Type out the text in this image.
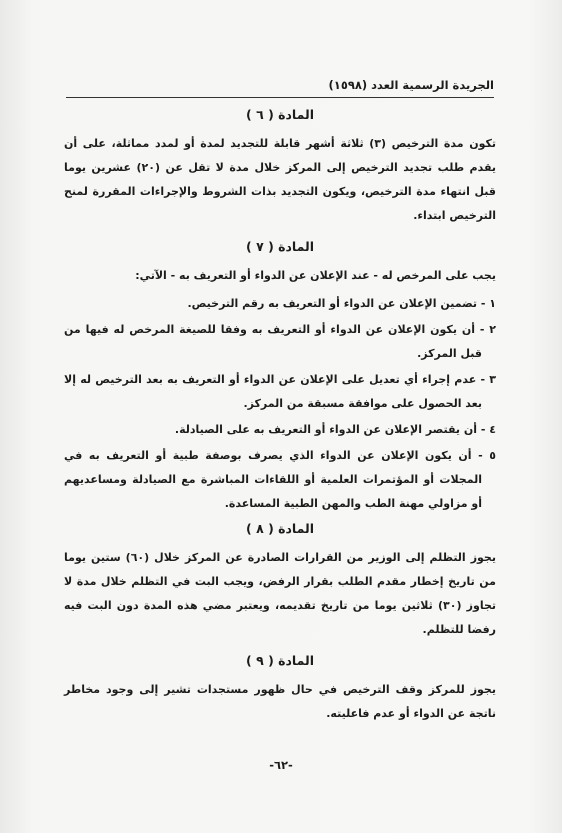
الجريدة الرسمية العدد (١٥٩٨)
المادة ( ٦ )

تكون مدة الترخيص (٣) ثلاثة أشهر قابلة للتجديد لمدة أو لمدد مماثلة، على أن يقدم طلب تجديد الترخيص إلى المركز خلال مدة لا تقل عن (٢٠) عشرين يوما قبل انتهاء مدة الترخيص، ويكون التجديد بذات الشروط والإجراءات المقررة لمنح الترخيص ابتداء.

المادة ( ٧ )

يجب على المرخص له - عند الإعلان عن الدواء أو التعريف به - الآتي:

١ - تضمين الإعلان عن الدواء أو التعريف به رقم الترخيص.

٢ - أن يكون الإعلان عن الدواء أو التعريف به وفقا للصيغة المرخص له فيها من قبل المركز.

٣ - عدم إجراء أي تعديل على الإعلان عن الدواء أو التعريف به بعد الترخيص له إلا بعد الحصول على موافقة مسبقة من المركز.

٤ - أن يقتصر الإعلان عن الدواء أو التعريف به على الصيادلة.

٥ - أن يكون الإعلان عن الدواء الذي يصرف بوصفة طبية أو التعريف به في المجلات أو المؤتمرات العلمية أو اللقاءات المباشرة مع الصيادلة ومساعديهم أو مزاولي مهنة الطب والمهن الطبية المساعدة.

المادة ( ٨ )

يجوز التظلم إلى الوزير من القرارات الصادرة عن المركز خلال (٦٠) ستين يوما من تاريخ إخطار مقدم الطلب بقرار الرفض، ويجب البت في التظلم خلال مدة لا تجاوز (٣٠) ثلاثين يوما من تاريخ تقديمه، ويعتبر مضي هذه المدة دون البت فيه رفضا للتظلم.

المادة ( ٩ )

يجوز للمركز وقف الترخيص في حال ظهور مستجدات تشير إلى وجود مخاطر ناتجة عن الدواء أو عدم فاعليته.

-٦٢-
